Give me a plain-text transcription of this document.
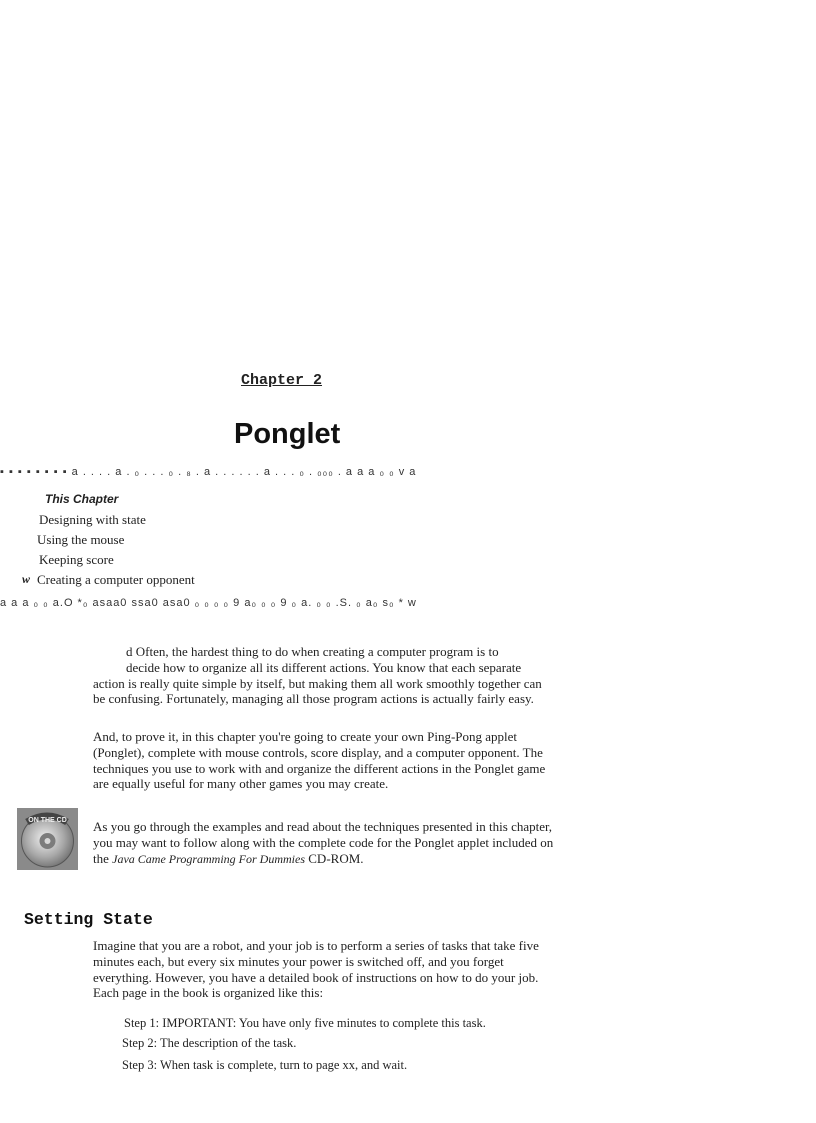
Chapter 2
Ponglet
▪ ▪ ▪ ▪ ▪ ▪ ▪ ▪ a . . . . a . ₀ . . . ₀ . ₈ . a . . . . . . a . . . ₀ . ₀₀₀ . a a a ₀ ₀ v a
This Chapter
Designing with state
Using the mouse
Keeping score
w Creating a computer opponent
a a a ₀ ₀ a.O *₀ asaa0 ssa0 asa0 ₀ ₀ ₀ ₀ 9 a₀ ₀ ₀ 9 ₀ a. ₀ ₀ .S. ₀ a₀ s₀ * w

d Often, the hardest thing to do when creating a computer program is to

decide how to organize all its different actions. You know that each separate action is really quite simple by itself, but making them all work smoothly together can be confusing. Fortunately, managing all those program actions is actually fairly easy.

And, to prove it, in this chapter you're going to create your own Ping-Pong applet (Ponglet), complete with mouse controls, score display, and a computer opponent. The techniques you use to work with and organize the different actions in the Ponglet game are equally useful for many other games you may create.
ON THE CD As you go through the examples and read about the techniques presented in this chapter, you may want to follow along with the complete code for the Ponglet applet included on the Java Came Programming For Dummies CD-ROM.
Setting State
Imagine that you are a robot, and your job is to perform a series of tasks that take five minutes each, but every six minutes your power is switched off, and you forget everything. However, you have a detailed book of instructions on how to do your job. Each page in the book is organized like this:
Step 1: IMPORTANT: You have only five minutes to complete this task.
Step 2: The description of the task.
Step 3: When task is complete, turn to page xx, and wait.
